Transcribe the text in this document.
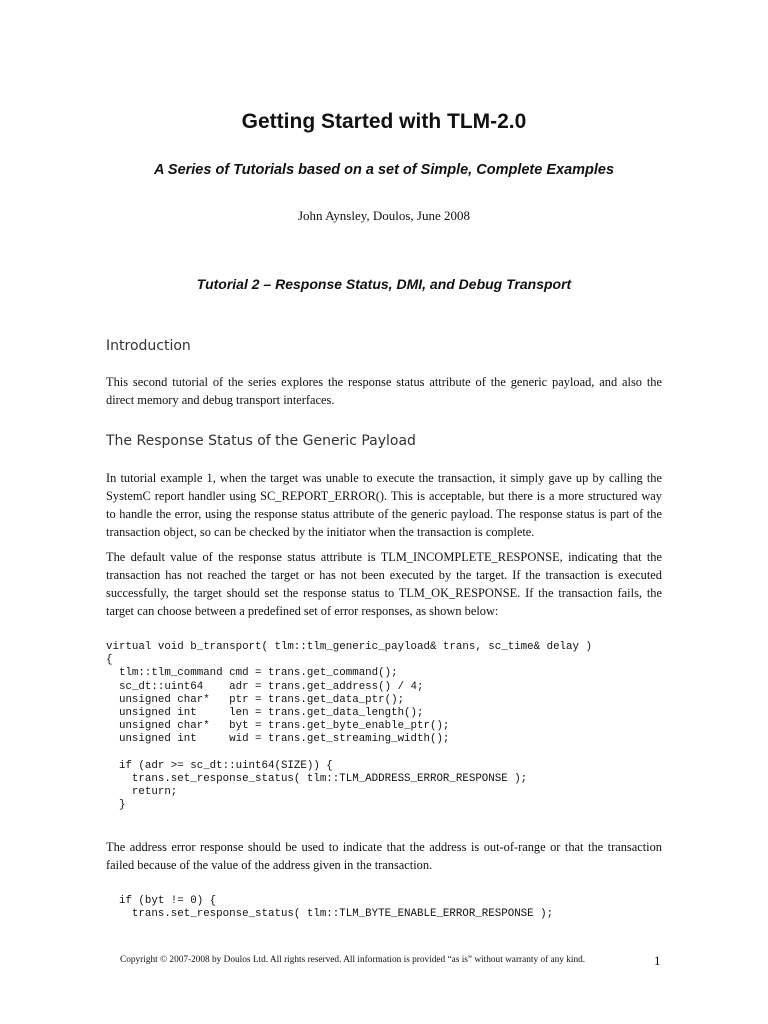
Getting Started with TLM-2.0
A Series of Tutorials based on a set of Simple, Complete Examples
John Aynsley, Doulos, June 2008
Tutorial 2 – Response Status, DMI, and Debug Transport
Introduction

This second tutorial of the series explores the response status attribute of the generic payload, and also the direct memory and debug transport interfaces.

The Response Status of the Generic Payload

In tutorial example 1, when the target was unable to execute the transaction, it simply gave up by calling the SystemC report handler using SC_REPORT_ERROR(). This is acceptable, but there is a more structured way to handle the error, using the response status attribute of the generic payload. The response status is part of the transaction object, so can be checked by the initiator when the transaction is complete.

The default value of the response status attribute is TLM_INCOMPLETE_RESPONSE, indicating that the transaction has not reached the target or has not been executed by the target. If the transaction is executed successfully, the target should set the response status to TLM_OK_RESPONSE. If the transaction fails, the target can choose between a predefined set of error responses, as shown below:

virtual void b_transport( tlm::tlm_generic_payload& trans, sc_time& delay )
{
tlm::tlm_command cmd = trans.get_command();
sc_dt::uint64    adr = trans.get_address() / 4;
unsigned char*   ptr = trans.get_data_ptr();
unsigned int     len = trans.get_data_length();
unsigned char*   byt = trans.get_byte_enable_ptr();
unsigned int     wid = trans.get_streaming_width();

if (adr >= sc_dt::uint64(SIZE)) {
trans.set_response_status( tlm::TLM_ADDRESS_ERROR_RESPONSE );
return;
}

The address error response should be used to indicate that the address is out-of-range or that the transaction failed because of the value of the address given in the transaction.

if (byt != 0) {
trans.set_response_status( tlm::TLM_BYTE_ENABLE_ERROR_RESPONSE );
Copyright © 2007-2008 by Doulos Ltd. All rights reserved. All information is provided “as is” without warranty of any kind.	1
